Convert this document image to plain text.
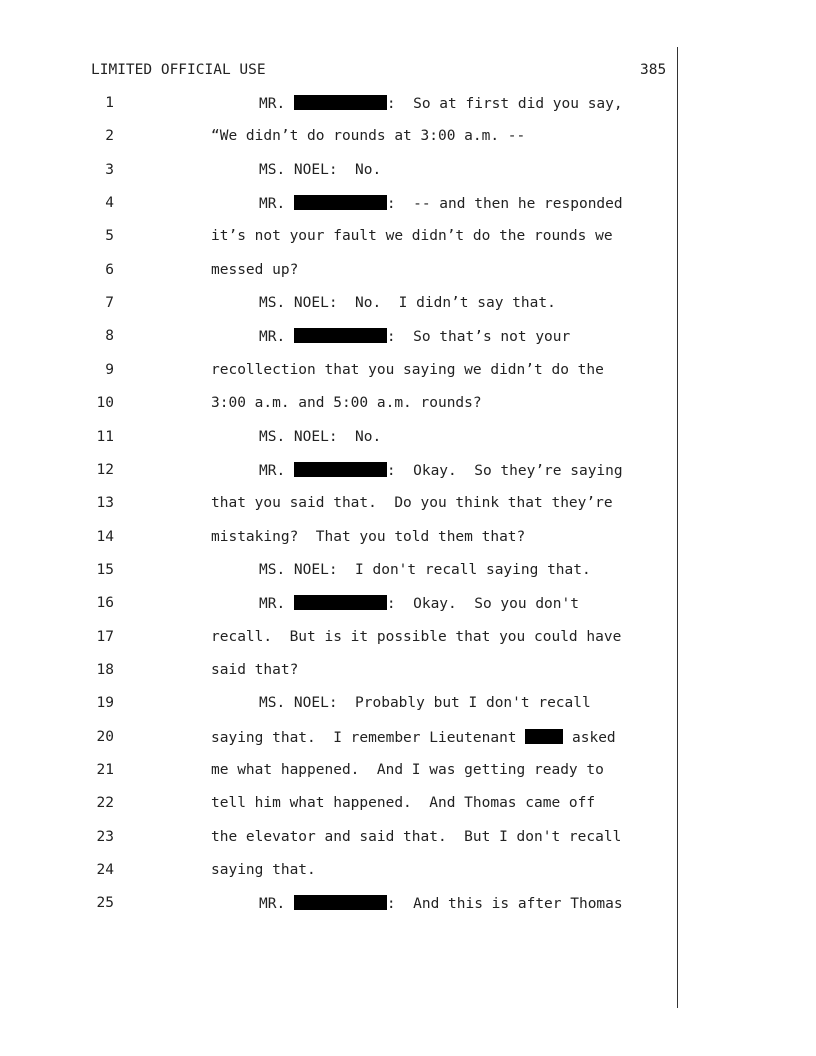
LIMITED OFFICIAL USE	385
1	MR.	:  So at first did you say,
2	“We didn’t do rounds at 3:00 a.m. --
3	MS. NOEL:  No.
4	MR.	:  -- and then he responded
5	it’s not your fault we didn’t do the rounds we
6	messed up?
7	MS. NOEL:  No.  I didn’t say that.
8	MR.	:  So that’s not your
9	recollection that you saying we didn’t do the
10	3:00 a.m. and 5:00 a.m. rounds?
11	MS. NOEL:  No.
12	MR.	:  Okay.  So they’re saying
13	that you said that.  Do you think that they’re
14	mistaking?  That you told them that?
15	MS. NOEL:  I don't recall saying that.
16	MR.	:  Okay.  So you don't
17	recall.  But is it possible that you could have
18	said that?
19	MS. NOEL:  Probably but I don't recall
20	saying that.  I remember Lieutenant	asked
21	me what happened.  And I was getting ready to
22	tell him what happened.  And Thomas came off
23	the elevator and said that.  But I don't recall
24	saying that.
25	MR.	:  And this is after Thomas
